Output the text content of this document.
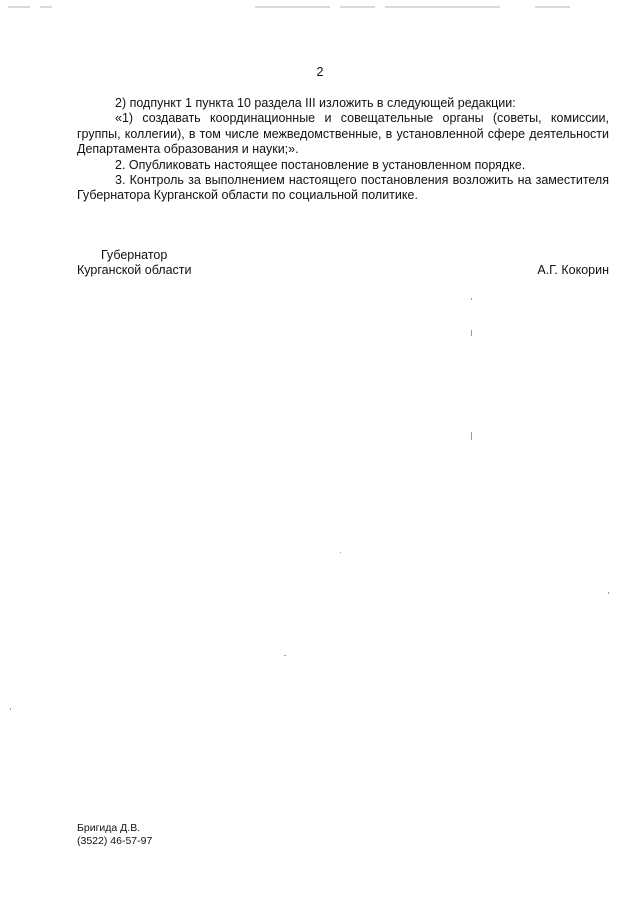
2

2) подпункт 1 пункта 10 раздела III изложить в следующей редакции:

«1) создавать координационные и совещательные органы (советы, комиссии, группы, коллегии), в том числе межведомственные, в установленной сфере деятельности Департамента образования и науки;».

2. Опубликовать настоящее постановление в установленном порядке.

3. Контроль за выполнением настоящего постановления возложить на заместителя Губернатора Курганской области по социальной политике.

Губернатор
Курганской области	А.Г. Кокорин
Бригида Д.В.
(3522) 46-57-97
